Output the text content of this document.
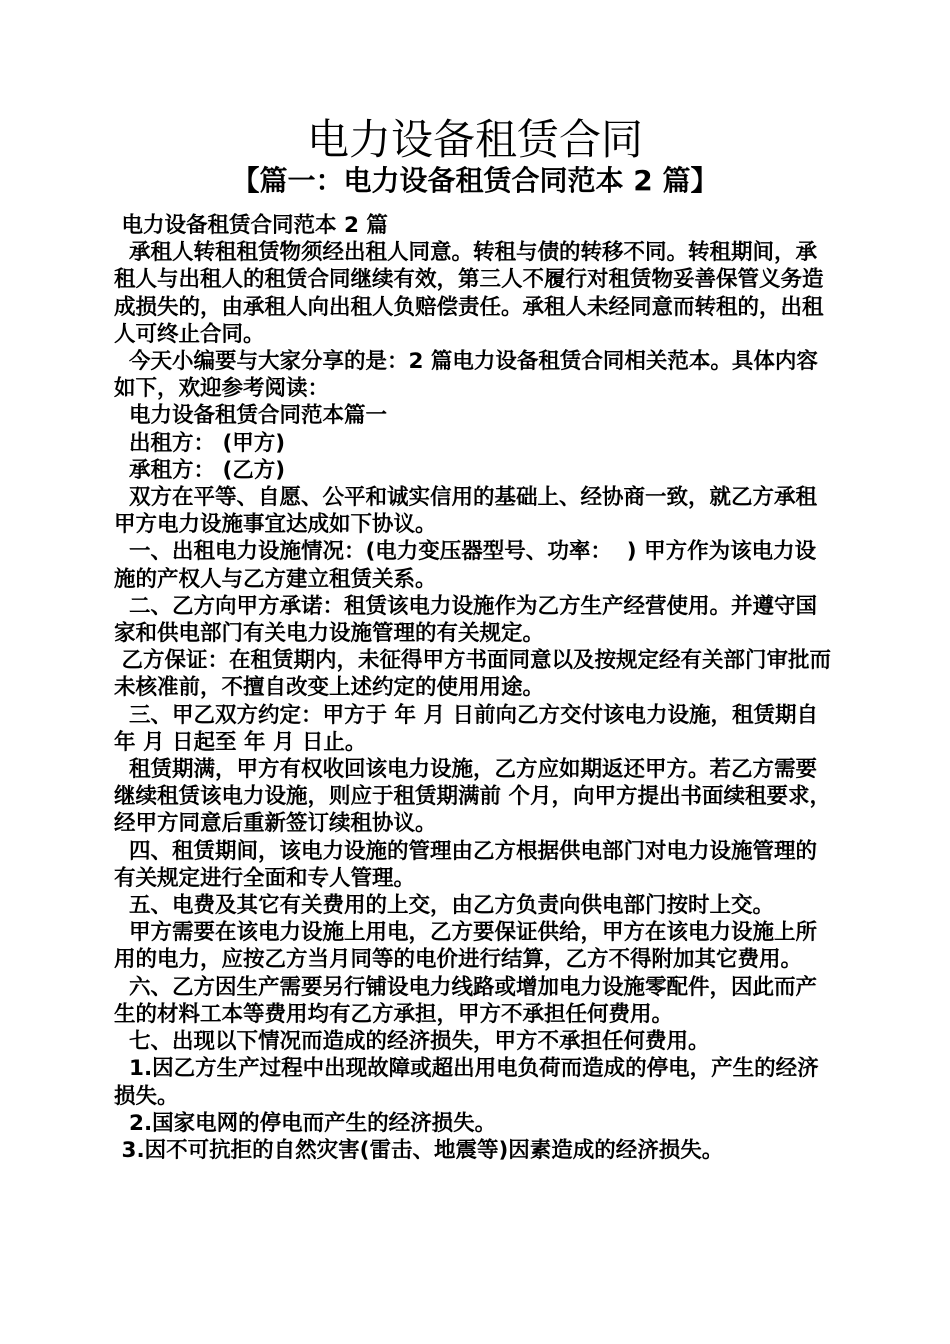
电力设备租赁合同
【篇一：电力设备租赁合同范本 2 篇】

电力设备租赁合同范本 2 篇

承租人转租租赁物须经出租人同意。转租与债的转移不同。转租期间，承租人与出租人的租赁合同继续有效，第三人不履行对租赁物妥善保管义务造成损失的，由承租人向出租人负赔偿责任。承租人未经同意而转租的，出租人可终止合同。

今天小编要与大家分享的是：2 篇电力设备租赁合同相关范本。具体内容如下，欢迎参考阅读：

电力设备租赁合同范本篇一

出租方： (甲方)

承租方： (乙方)

双方在平等、自愿、公平和诚实信用的基础上、经协商一致，就乙方承租甲方电力设施事宜达成如下协议。

一、出租电力设施情况：(电力变压器型号、功率：  ) 甲方作为该电力设施的产权人与乙方建立租赁关系。

二、乙方向甲方承诺：租赁该电力设施作为乙方生产经营使用。并遵守国家和供电部门有关电力设施管理的有关规定。

乙方保证：在租赁期内，未征得甲方书面同意以及按规定经有关部门审批而未核准前，不擅自改变上述约定的使用用途。

三、甲乙双方约定：甲方于 年 月 日前向乙方交付该电力设施，租赁期自 年 月 日起至 年 月 日止。

租赁期满，甲方有权收回该电力设施，乙方应如期返还甲方。若乙方需要继续租赁该电力设施，则应于租赁期满前 个月，向甲方提出书面续租要求，经甲方同意后重新签订续租协议。

四、租赁期间，该电力设施的管理由乙方根据供电部门对电力设施管理的有关规定进行全面和专人管理。

五、电费及其它有关费用的上交，由乙方负责向供电部门按时上交。

甲方需要在该电力设施上用电，乙方要保证供给，甲方在该电力设施上所用的电力，应按乙方当月同等的电价进行结算，乙方不得附加其它费用。

六、乙方因生产需要另行铺设电力线路或增加电力设施零配件，因此而产生的材料工本等费用均有乙方承担，甲方不承担任何费用。

七、出现以下情况而造成的经济损失，甲方不承担任何费用。

1.因乙方生产过程中出现故障或超出用电负荷而造成的停电，产生的经济损失。

2.国家电网的停电而产生的经济损失。

3.因不可抗拒的自然灾害(雷击、地震等)因素造成的经济损失。
